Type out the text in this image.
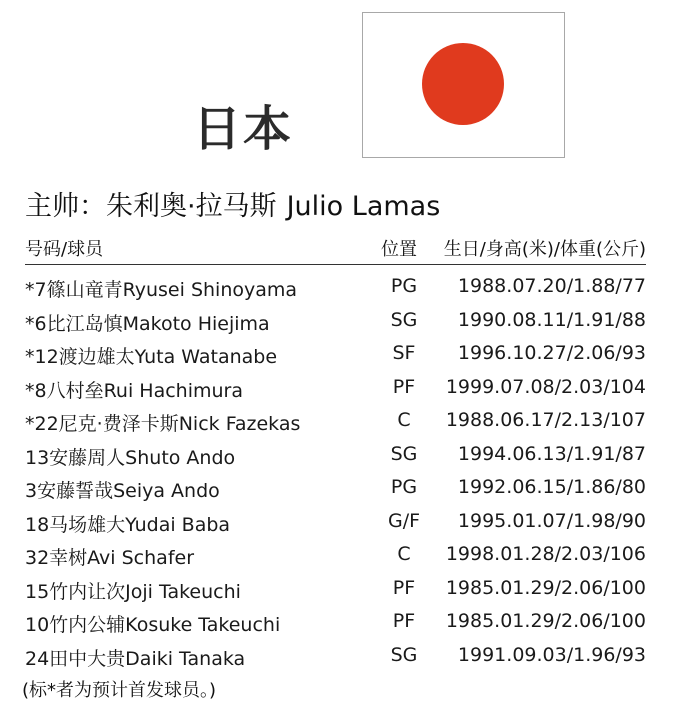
日本
主帅：朱利奥·拉马斯 Julio Lamas
号码/球员	位置 生日/身高(米)/体重(公斤)
*7篠山竜青Ryusei Shinoyama	PG	1988.07.20/1.88/77
*6比江岛慎Makoto Hiejima	SG	1990.08.11/1.91/88
*12渡边雄太Yuta Watanabe	SF	1996.10.27/2.06/93
*8八村垒Rui Hachimura	PF	1999.07.08/2.03/104
*22尼克·费泽卡斯Nick Fazekas	C	1988.06.17/2.13/107
13安藤周人Shuto Ando	SG	1994.06.13/1.91/87
3安藤誓哉Seiya Ando	PG	1992.06.15/1.86/80
18马场雄大Yudai Baba	G/F	1995.01.07/1.98/90
32幸树Avi Schafer	C	1998.01.28/2.03/106
15竹内让次Joji Takeuchi	PF	1985.01.29/2.06/100
10竹内公辅Kosuke Takeuchi	PF	1985.01.29/2.06/100
24田中大贵Daiki Tanaka	SG	1991.09.03/1.96/93
(标*者为预计首发球员。)
